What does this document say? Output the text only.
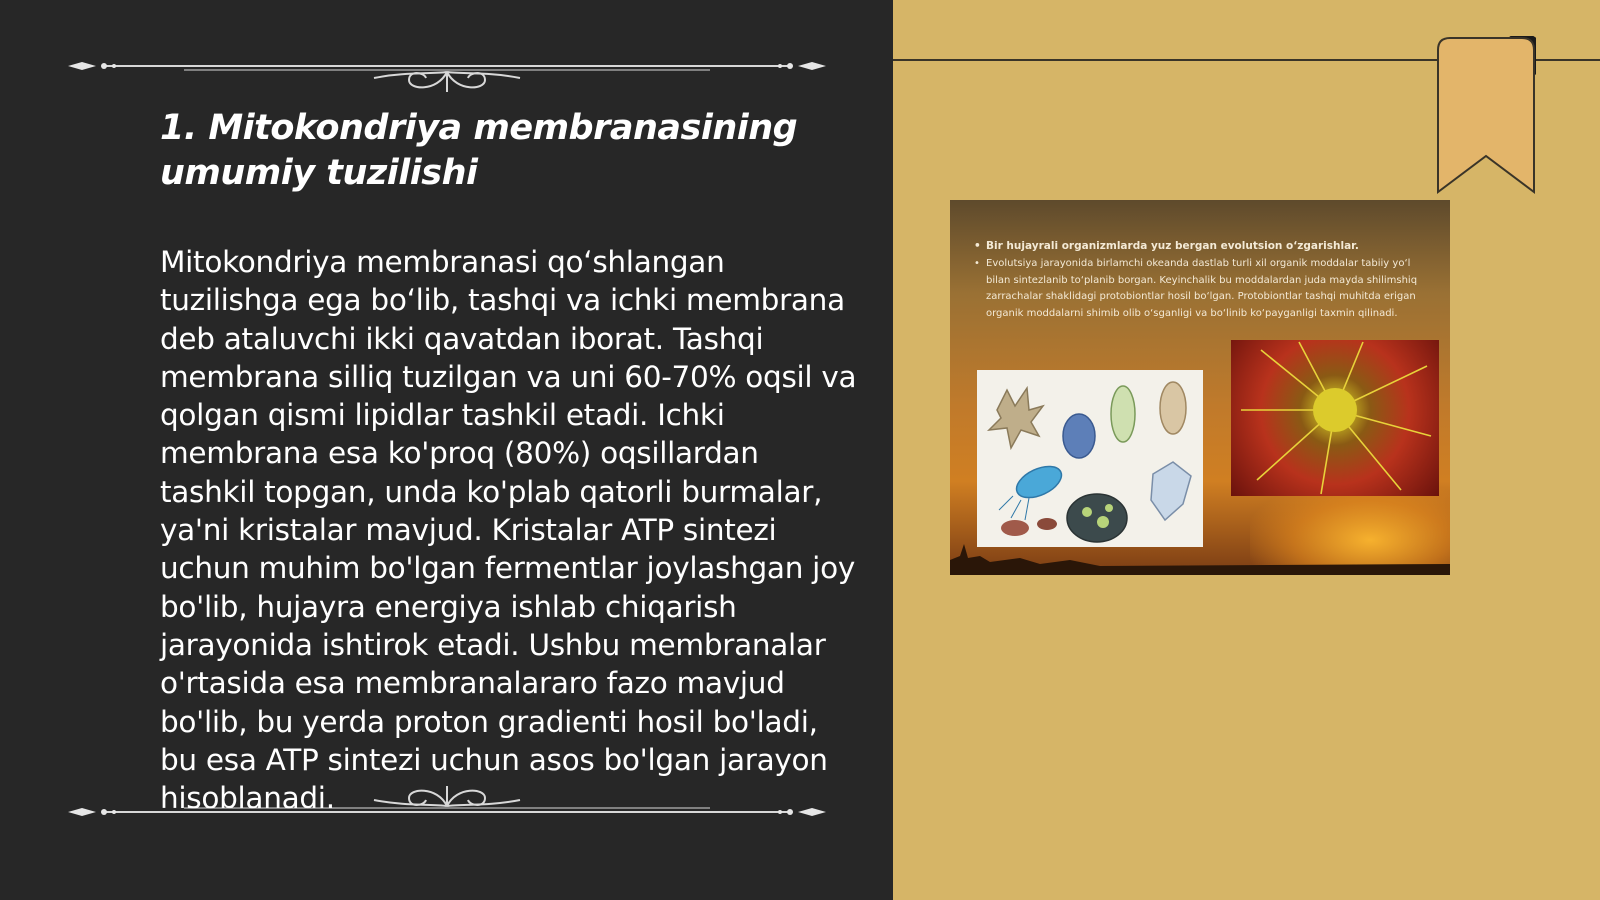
1. Mitokondriya membranasining umumiy tuzilishi

Mitokondriya membranasi qo‘shlangan tuzilishga ega bo‘lib, tashqi va ichki membrana deb ataluvchi ikki qavatdan iborat. Tashqi membrana silliq tuzilgan va uni 60-70% oqsil va qolgan qismi lipidlar tashkil etadi. Ichki membrana esa ko'proq (80%) oqsillardan tashkil topgan, unda ko'plab qatorli burmalar, ya'ni kristalar mavjud. Kristalar ATP sintezi uchun muhim bo'lgan fermentlar joylashgan joy bo'lib, hujayra energiya ishlab chiqarish jarayonida ishtirok etadi. Ushbu membranalar o'rtasida esa membranalararo fazo mavjud bo'lib, bu yerda proton gradienti hosil bo'ladi, bu esa ATP sintezi uchun asos bo'lgan jarayon hisoblanadi.

• Bir hujayrali organizmlarda yuz bergan evolutsion o‘zgarishlar.
• Evolutsiya jarayonida birlamchi okeanda dastlab turli xil organik moddalar tabiiy yo‘l bilan sintezlanib to‘planib borgan. Keyinchalik bu moddalardan juda mayda shilimshiq zarrachalar shaklidagi protobiontlar hosil bo‘lgan. Protobiontlar tashqi muhitda erigan organik moddalarni shimib olib o‘sganligi va bo‘linib ko‘payganligi taxmin qilinadi.
